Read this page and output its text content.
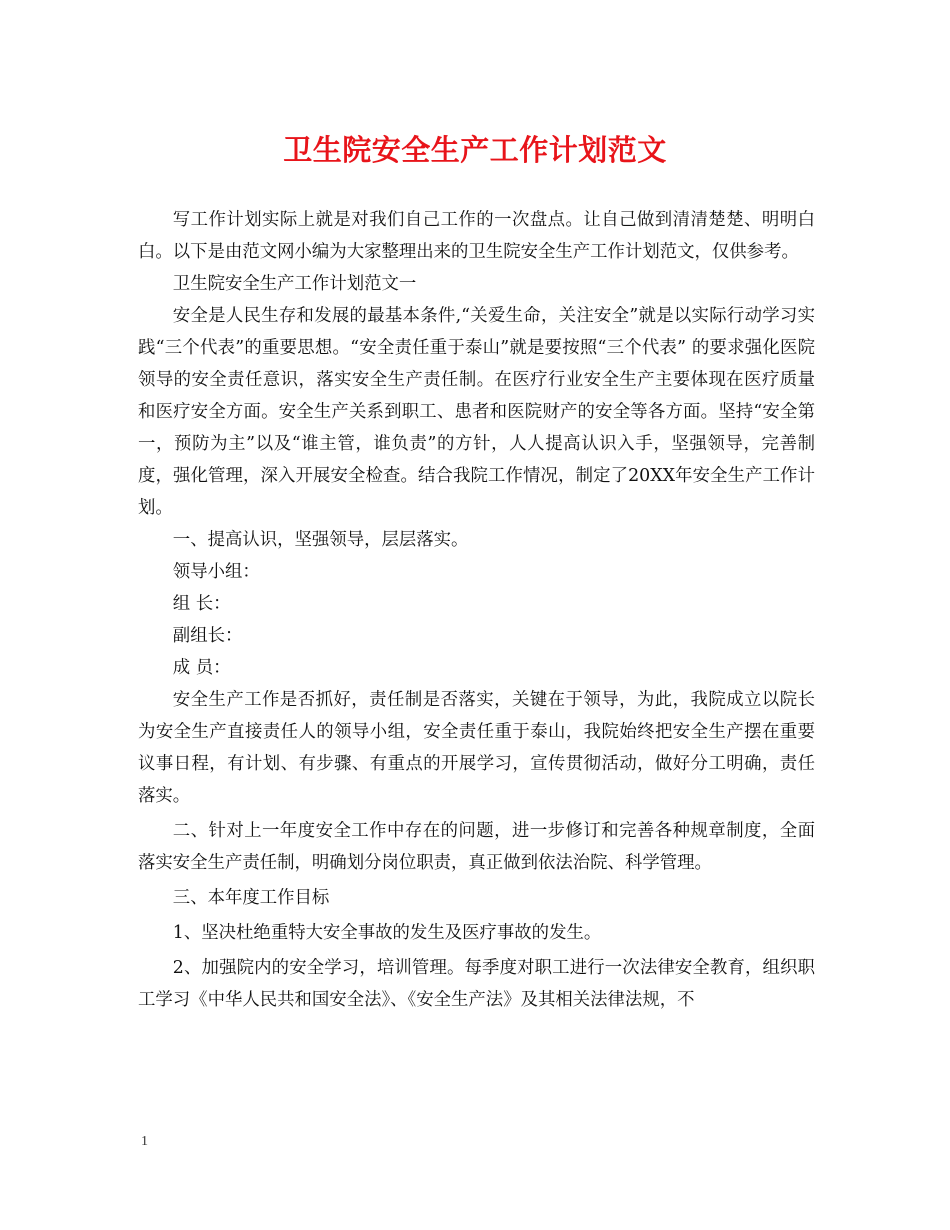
卫生院安全生产工作计划范文

写工作计划实际上就是对我们自己工作的一次盘点。让自己做到清清楚楚、明明白白。以下是由范文网小编为大家整理出来的卫生院安全生产工作计划范文，仅供参考。

卫生院安全生产工作计划范文一

安全是人民生存和发展的最基本条件,“关爱生命，关注安全”就是以实际行动学习实践“三个代表”的重要思想。“安全责任重于泰山”就是要按照“三个代表” 的要求强化医院领导的安全责任意识，落实安全生产责任制。在医疗行业安全生产主要体现在医疗质量和医疗安全方面。安全生产关系到职工、患者和医院财产的安全等各方面。坚持“安全第一，预防为主”以及“谁主管，谁负责”的方针，人人提高认识入手，坚强领导，完善制度，强化管理，深入开展安全检查。结合我院工作情况，制定了20XX年安全生产工作计划。

一、提高认识，坚强领导，层层落实。

领导小组：

组 长：

副组长：

成 员：

安全生产工作是否抓好，责任制是否落实，关键在于领导，为此，我院成立以院长为安全生产直接责任人的领导小组，安全责任重于泰山，我院始终把安全生产摆在重要议事日程，有计划、有步骤、有重点的开展学习，宣传贯彻活动，做好分工明确，责任落实。

二、针对上一年度安全工作中存在的问题，进一步修订和完善各种规章制度，全面落实安全生产责任制，明确划分岗位职责，真正做到依法治院、科学管理。

三、本年度工作目标

1、坚决杜绝重特大安全事故的发生及医疗事故的发生。

2、加强院内的安全学习，培训管理。每季度对职工进行一次法律安全教育，组织职工学习《中华人民共和国安全法》、《安全生产法》及其相关法律法规，不

1
